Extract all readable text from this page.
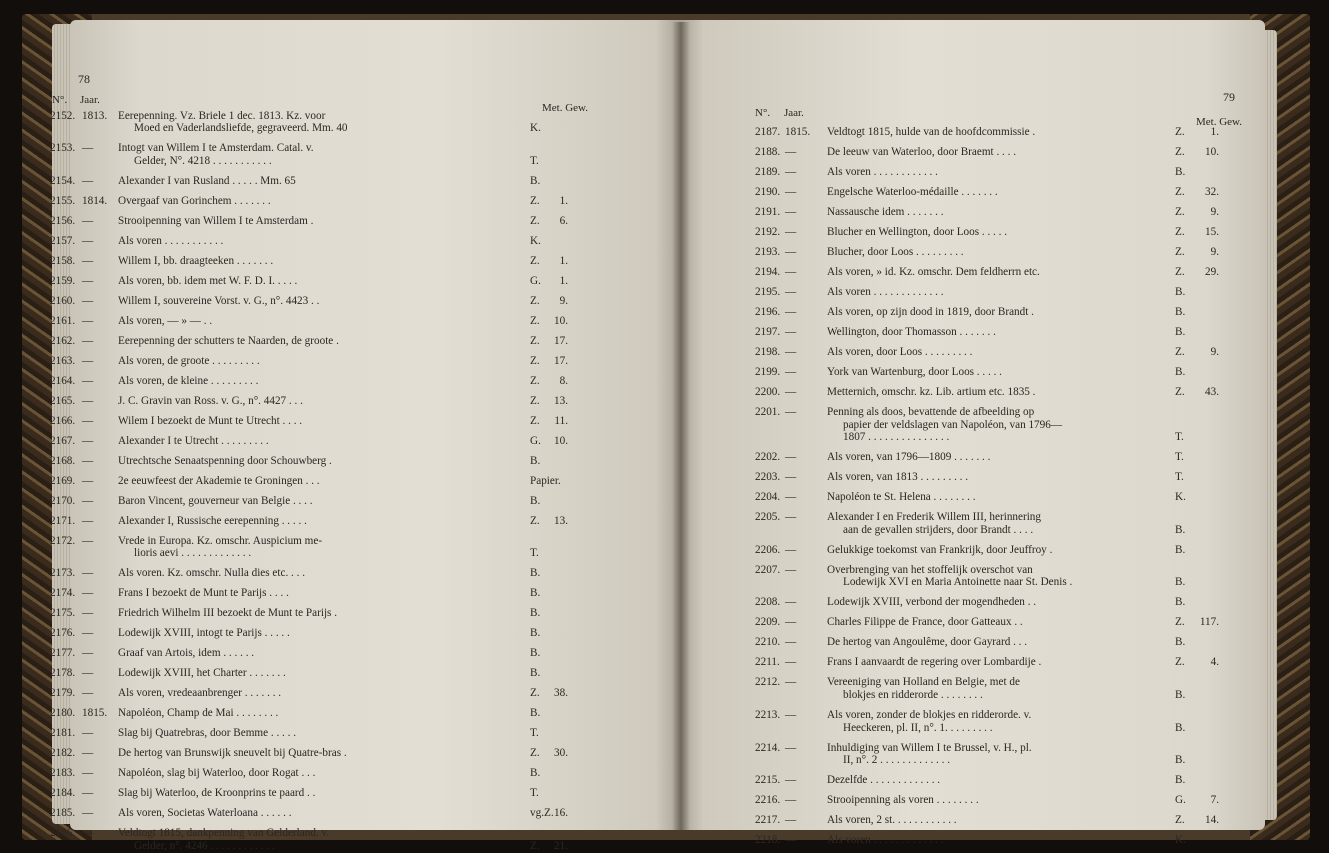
78
N°. Jaar.
Met. Gew.
2152. 1813. Eerepenning. Vz. Briele 1 dec. 1813. Kz. voor
Moed en Vaderlandsliefde, gegraveerd. Mm. 40	K.
2153. — Intogt van Willem I te Amsterdam. Catal. v.
Gelder, N°. 4218 . . . . . . . . . . .	T.
2154. — Alexander I van Rusland . . . . . Mm. 65	B.
2155. 1814. Overgaaf van Gorinchem . . . . . . .	Z.	1.
2156. — Strooipenning van Willem I te Amsterdam .	Z.	6.
2157. — Als voren . . . . . . . . . . .	K.
2158. — Willem I, bb. draagteeken . . . . . . .	Z.	1.
2159. — Als voren, bb. idem met W. F. D. I. . . . .	G.	1.
2160. — Willem I, souvereine Vorst. v. G., n°. 4423 . .	Z.	9.
2161. — Als voren, — » — . .	Z.	10.
2162. — Eerepenning der schutters te Naarden, de groote .	Z.	17.
2163. — Als voren, de groote . . . . . . . . .	Z.	17.
2164. — Als voren, de kleine . . . . . . . . .	Z.	8.
2165. — J. C. Gravin van Ross. v. G., n°. 4427 . . .	Z.	13.
2166. — Wilem I bezoekt de Munt te Utrecht . . . .	Z.	11.
2167. — Alexander I te Utrecht . . . . . . . . .	G.	10.
2168. — Utrechtsche Senaatspenning door Schouwberg .	B.
2169. — 2e eeuwfeest der Akademie te Groningen . . .	Papier.
2170. — Baron Vincent, gouverneur van Belgie . . . .	B.
2171. — Alexander I, Russische eerepenning . . . . .	Z.	13.
2172. — Vrede in Europa. Kz. omschr. Auspicium me-
lioris aevi . . . . . . . . . . . . .	T.
2173. — Als voren. Kz. omschr. Nulla dies etc. . . .	B.
2174. — Frans I bezoekt de Munt te Parijs . . . .	B.
2175. — Friedrich Wilhelm III bezoekt de Munt te Parijs .	B.
2176. — Lodewijk XVIII, intogt te Parijs . . . . .	B.
2177. — Graaf van Artois, idem . . . . . .	B.
2178. — Lodewijk XVIII, het Charter . . . . . . .	B.
2179. — Als voren, vredeaanbrenger . . . . . . .	Z.	38.
2180. 1815. Napoléon, Champ de Mai . . . . . . . .	B.
2181. — Slag bij Quatrebras, door Bemme . . . . .	T.
2182. — De hertog van Brunswijk sneuvelt bij Quatre-bras .	Z.	30.
2183. — Napoléon, slag bij Waterloo, door Rogat . . .	B.
2184. — Slag bij Waterloo, de Kroonprins te paard . .	T.
2185. — Als voren, Societas Waterloana . . . . . .	vg.Z. 16.
2186. — Veldtogt 1815, dankpenning van Gelderland. v.
Gelder, n°. 4246 . . . . . . . . . . . .	Z.	21.
79
N°. Jaar.
Met. Gew.
2187. 1815. Veldtogt 1815, hulde van de hoofdcommissie .	Z.	1.
2188. —	De leeuw van Waterloo, door Braemt . . . .	Z.	10.
2189. —	Als voren . . . . . . . . . . . .	B.
2190. —	Engelsche Waterloo-médaille . . . . . . .	Z.	32.
2191. —	Nassausche idem . . . . . . .	Z.	9.
2192. —	Blucher en Wellington, door Loos . . . . .	Z.	15.
2193. —	Blucher, door Loos . . . . . . . . .	Z.	9.
2194. —	Als voren, » id. Kz. omschr. Dem feldherrn etc.	Z.	29.
2195. —	Als voren . . . . . . . . . . . . .	B.
2196. —	Als voren, op zijn dood in 1819, door Brandt .	B.
2197. —	Wellington, door Thomasson . . . . . . .	B.
2198. —	Als voren, door Loos . . . . . . . . .	Z.	9.
2199. —	York van Wartenburg, door Loos . . . . .	B.
2200. —	Metternich, omschr. kz. Lib. artium etc. 1835 .	Z.	43.
2201. —	Penning als doos, bevattende de afbeelding op
papier der veldslagen van Napoléon, van 1796—
1807 . . . . . . . . . . . . . . .	T.
2202. —	Als voren, van 1796—1809 . . . . . . .	T.
2203. —	Als voren, van 1813 . . . . . . . . .	T.
2204. —	Napoléon te St. Helena . . . . . . . .	K.
2205. —	Alexander I en Frederik Willem III, herinnering
aan de gevallen strijders, door Brandt . . . .	B.
2206. —	Gelukkige toekomst van Frankrijk, door Jeuffroy .	B.
2207. —	Overbrenging van het stoffelijk overschot van
Lodewijk XVI en Maria Antoinette naar St. Denis .	B.
2208. —	Lodewijk XVIII, verbond der mogendheden . .	B.
2209. —	Charles Filippe de France, door Gatteaux . .	Z. 117.
2210. —	De hertog van Angoulême, door Gayrard . . .	B.
2211. —	Frans I aanvaardt de regering over Lombardije .	Z.	4.
2212. —	Vereeniging van Holland en Belgie, met de
blokjes en ridderorde . . . . . . . .	B.
2213. —	Als voren, zonder de blokjes en ridderorde. v.
Heeckeren, pl. II, n°. 1. . . . . . . . .	B.
2214. —	Inhuldiging van Willem I te Brussel, v. H., pl.
II, n°. 2 . . . . . . . . . . . . .	B.
2215. —	Dezelfde . . . . . . . . . . . . .	B.
2216. —	Strooipenning als voren . . . . . . . .	G.	7.
2217. —	Als voren, 2 st. . . . . . . . . . . .	Z.	14.
2218. —	Als voren . . . . . . . . . . . . .	K.
